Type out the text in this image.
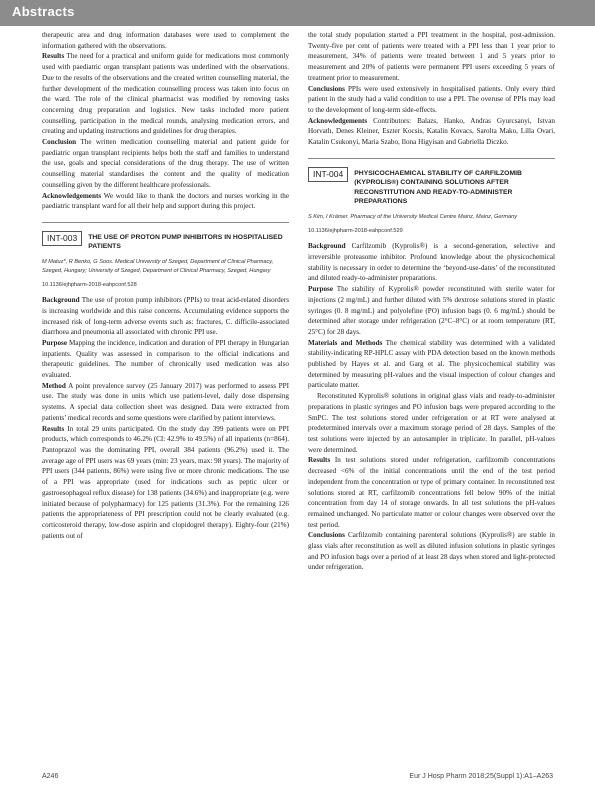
Abstracts

therapeutic area and drug information databases were used to complement the information gathered with the observations.

Results The need for a practical and uniform guide for medications most commonly used with paediatric organ transplant patients was underlined with the observations. Due to the results of the observations and the created written counselling material, the further development of the medication counselling process was taken into focus on the ward. The role of the clinical pharmacist was modified by removing tasks concerning drug preparation and logistics. New tasks included more patient counselling, participation in the medical rounds, analysing medication errors, and creating and updating instructions and guidelines for drug therapies.

Conclusion The written medication counselling material and patient guide for paediatric organ transplant recipients helps both the staff and families to understand the use, goals and special considerations of the drug therapy. The use of written counselling material standardises the content and the quality of medication counselling given by the different healthcare professionals.

Acknowledgements We would like to thank the doctors and nurses working in the paediatric transplant ward for all their help and support during this project.

INT-003	THE USE OF PROTON PUMP INHIBITORS IN HOSPITALISED PATIENTS
M Matuz*, R Benko, G Soos. Medical University of Szeged, Department of Clinical Pharmacy, Szeged, Hungary; University of Szeged, Department of Clinical Pharmacy, Szeged, Hungary
10.1136/ejhpharm-2018-eahpconf.528

Background The use of proton pump inhibitors (PPIs) to treat acid-related disorders is increasing worldwide and this raise concerns. Accumulating evidence supports the increased risk of long-term adverse events such as: fractures, C. difficile-associated diarrhoea and pneumonia all associated with chronic PPI use.

Purpose Mapping the incidence, indication and duration of PPI therapy in Hungarian inpatients. Quality was assessed in comparison to the official indications and therapeutic guidelines. The number of chronically used medication was also evaluated.

Method A point prevalence survey (25 January 2017) was performed to assess PPI use. The study was done in units which use patient-level, daily dose dispensing systems. A special data collection sheet was designed. Data were extracted from patients’ medical records and some questions were clarified by patient interviews.

Results In total 29 units participated. On the study day 399 patients were on PPI products, which corresponds to 46.2% (CI: 42.9% to 49.5%) of all inpatients (n=864). Pantoprazol was the dominating PPI, overall 384 patients (96.2%) used it. The average age of PPI users was 69 years (min: 23 years, max: 98 years). The majority of PPI users (344 patients, 86%) were using five or more chronic medications. The use of a PPI was appropriate (used for indications such as peptic ulcer or gastroesophageal reflux disease) for 138 patients (34.6%) and inappropriate (e.g. were initiated because of polypharmacy) for 125 patients (31.3%). For the remaining 126 patients the appropriateness of PPI prescription could not be clearly evaluated (e.g. corticosteroid therapy, low-dose aspirin and clopidogrel therapy). Eighty-four (21%) patients out of

the total study population started a PPI treatment in the hospital, post-admission. Twenty-five per cent of patients were treated with a PPI less than 1 year prior to measurement, 34% of patients were treated between 1 and 5 years prior to measurement and 20% of patients were permanent PPI users exceeding 5 years of treatment prior to measurement.

Conclusions PPIs were used extensively in hospitalised patients. Only every third patient in the study had a valid condition to use a PPI. The overuse of PPIs may lead to the development of long-term side-effects.

Acknowledgements Contributors: Balazs, Hanko, Andras Gyurcsanyi, Istvan Horvath, Denes Kleiner, Eszter Kocsis, Katalin Kovacs, Sarolta Mako, Lilla Ovari, Katalin Csukonyi, Maria Szabo, Ilona Higyisan and Gabriella Diczko.

INT-004	PHYSICOCHAEMICAL STABILITY OF CARFILZOMIB (KYPROLIS®) CONTAINING SOLUTIONS AFTER RECONSTITUTION AND READY-TO-ADMINISTER PREPARATIONS
S Kim, I Krämer. Pharmacy of the University Medical Centre Mainz, Mainz, Germany
10.1136/ejhpharm-2018-eahpconf.529

Background Carfilzomib (Kyprolis®) is a second-generation, selective and irreversible proteasome inhibitor. Profound knowledge about the physicochemical stability is necessary in order to determine the ‘beyond-use-dates’ of the reconstituted and diluted ready-to-administer preparations.

Purpose The stability of Kyprolis® powder reconstituted with sterile water for injections (2 mg/mL) and further diluted with 5% dextrose solutions stored in plastic syringes (0. 8 mg/mL) and polyolefine (PO) infusion bags (0. 6 mg/mL) should be determined after storage under refrigeration (2°C–8°C) or at room temperature (RT, 25°C) for 28 days.

Materials and Methods The chemical stability was determined with a validated stability-indicating RP-HPLC assay with PDA detection based on the known methods published by Hayes et al. and Garg et al. The physicochemical stability was determined by measuring pH-values and the visual inspection of colour changes and particulate matter.

Reconstituted Kyprolis® solutions in original glass vials and ready-to-administer preparations in plastic syringes and PO infusion bags were prepared according to the SmPC. The test solutions stored under refrigeration or at RT were analysed at predetermined intervals over a maximum storage period of 28 days. Samples of the test solutions were injected by an autosampler in triplicate. In parallel, pH-values were determined.

Results In test solutions stored under refrigeration, carfilzomib concentrations decreased <6% of the initial concentrations until the end of the test period independent from the concentration or type of primary container. In reconstituted test solutions stored at RT, carfilzomib concentrations fell below 90% of the initial concentration from day 14 of storage onwards. In all test solutions the pH-values remained unchanged. No particulate matter or colour changes were observed over the test period.

Conclusions Carfilzomib containing parenteral solutions (Kyprolis®) are stable in glass vials after reconstitution as well as diluted infusion solutions in plastic syringes and PO infusion bags over a period of at least 28 days when stored and light-protected under refrigeration.

A246	Eur J Hosp Pharm 2018;25(Suppl 1):A1–A263
